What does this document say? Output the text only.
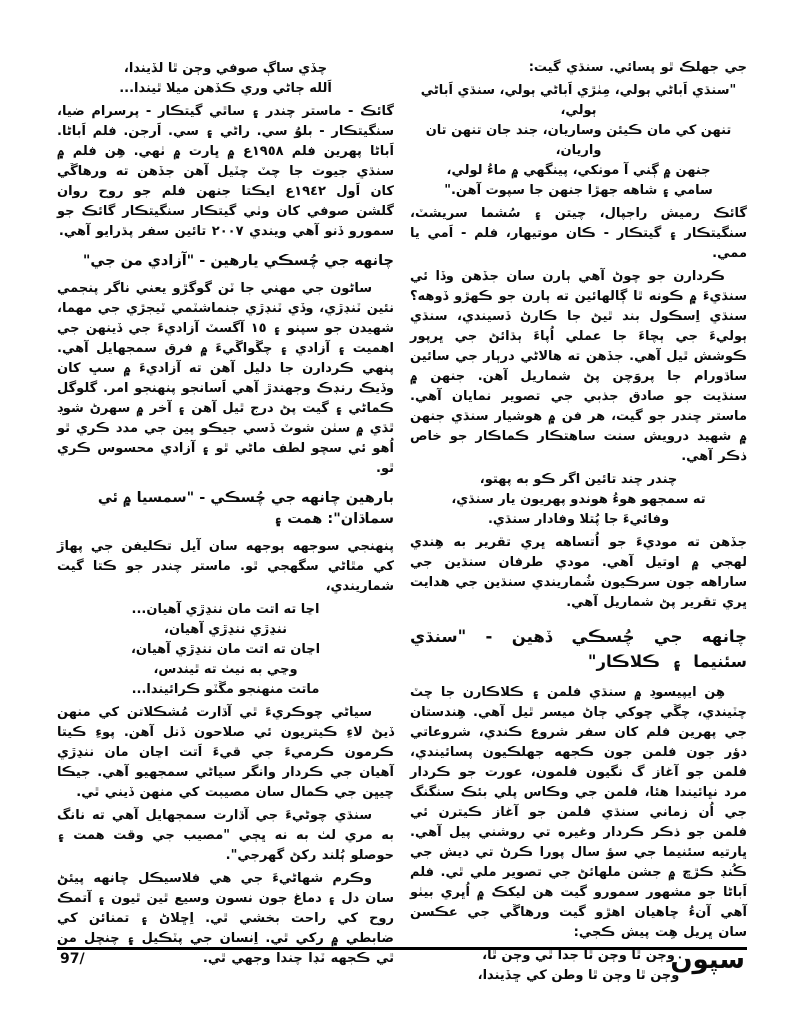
جي جهلڪ ٿو پسائي. سنڌي گيت:
"سنڌي اَباڻي ٻولي، مِٺڙي اَباڻي ٻولي، سنڌي اَباڻي ٻولي،
تنهن کي مان ڪيئن وساريان، جند جان تنهن تان واريان،
جنهن ۾ ڳني آ مونکي، پينگهي ۾ ماءُ لولي،
سامي ۽ شاهه جهڙا جنهن جا سپوت آهن."
گائڪ رميش راجپال، چيتن ۽ سُشما سريشٽ، سنگيتڪار ۽ گيتڪار - ڪان موتيهار، فلم - اَمي يا ممي.
ڪردارن جو چوڻ آهي ٻارن سان جڏهن وڏا ئي سنڌيءَ ۾ ڪونه ٿا ڳالهائين ته ٻارن جو ڪهڙو ڏوهه؟ سنڌي اِسڪول بند ٿيڻ جا ڪارڻ ڏسيندي، سنڌي ٻوليءَ جي ٻچاءَ جا عملي اُپاءَ ٻڌائڻ جي ڀرپور ڪوشش ٿيل آهي. جڏهن ته هالاڻي درٻار جي سائين ساڌورام جا پروَچن پڻ شماريل آهن. جنهن ۾ سنڌيت جو صادق جذبي جي تصوير نمايان آهي. ماستر چندر جو گيت، هر فن ۾ هوشيار سنڌي جنهن ۾ شهيد درويش سنت ساهتڪار ڪماڪار جو خاص ذڪر آهي.
چندر چند تائين اگر ڪو به پهتو،
ته سمجهو هوءُ هوندو پهريون يار سنڌي،
وفائيءَ جا پُتلا وفادار سنڌي.
جڏهن ته موديءَ جو اُتساهه ڀري تقرير به هِندي لهجي ۾ اوتيل آهي. مودي طرفان سنڌين جي ساراهه جون سرڪيون شُماريندي سنڌين جي هدايت ڀري تقرير پڻ شماريل آهي.
چانهه جي چُسڪي ڏهين - "سنڌي سئنيما ۽ ڪلاڪار"
هِن ايپيسوڊ ۾ سنڌي فلمن ۽ ڪلاڪارن جا چٽ چٽيندي، چڱي چوکي ڄاڻ ميسر ٿيل آهي. هِندستان جي پهرين فلم کان سفر شروع ڪندي، شروعاتي دؤر جون فلمن جون ڪجهه جهلڪيون پسائيندي، فلمن جو آغاز گ نگيون فلمون، عورت جو ڪردار مرد نڀائيندا هئا، فلمن جي وڪاس پلي بئڪ سنگنگ جي اُن زماني سنڌي فلمن جو آغاز ڪيترن ئي فلمن جو ذڪر ڪردار وغيره تي روشني پيل آهي. ڀارتيه سئنيما جي سؤ سال پورا ڪرڻ تي ديش جي ڪُنڊ ڪڙڇ ۾ جشن ملهائڻ جي تصوير ملي ٿي. فلم اَباڻا جو مشهور سمورو گيت هن ليکڪ ۾ اُڀري بيٺو آهي آنءُ چاهيان اهڙو گيت ورهاڱي جي عڪسن سان ڀريل هِت پيش ڪجي:
وڄن ٿا وڄن ٿا جدا ٿي وڄن ٿا،
وڄن ٿا وڄن ٿا وطن کي ڇڏيندا،
چڏي ساڳ صوفي وڄن ٿا لڏيندا،
اَلله ڄاڻي وري ڪڏهن ميلا ٿيندا...
گائڪ - ماستر چندر ۽ ساٿي گيتڪار - پرسرام ضيا، سنگيتڪار - بلوُ سي. راڻي ۽ سي. اَرجن. فلم اَباڻا. اَباڻا پهرين فلم ١٩٥٨ع ۾ ڀارت ۾ ٺهي. هِن فلم ۾ سنڌي جيوت جا چٽ چٽيل آهن جڏهن ته ورهاڱي کان اَول ١٩٤٢ع ايڪتا جنهن فلم جو روح روان گلشن صوفي کان وٺي گيتڪار سنگيتڪار گائڪ جو سمورو ڏنو آهي ويندي ٢٠٠٧ تائين سفر پڌرايو آهي.
چانهه جي چُسڪي يارهين - "آزادي من جي"
ساڻون جي مهني جا ٽن گوگڙو يعني ناگر پنجمي نئين ٽنڊڙي، وڏي ٽنڊڙي جنماشٽمي ٽيجڙي جي مهما، شهيدن جو سپنو ۽ ١٥ آگسٽ آزاديءَ جي ڏينهن جي اهميت ۽ آزادي ۽ چڱواڱيءَ ۾ فرق سمجهايل آهي. پنهي ڪردارن جا دليل آهن ته آزاديءَ ۾ سڀ کان وڏيڪ رنڊڪ وجهندڙ آهي اَسانجو پنهنجو امر. گلوگل ڪماڻي ۽ گيت پڻ درج ٿيل آهن ۽ آخر ۾ سهرڻ شوڊ ٿڌي ۾ سٺن شوٽ ڏسي جيڪو پين جي مدد ڪري ٿو اُهو ئي سچو لطف ماڻي ٿو ۽ آزادي محسوس ڪري ٿو.
بارهين چانهه جي چُسڪي - "سمسيا ۾ ئي سماڌان": همت ۽
پنهنجي سوجهه ٻوجهه سان آيل تڪليفن جي پهاڙ کي مٿاڻي سگهجي ٿو. ماستر چندر جو ڪتا گيت شماريندي،
اڃا ته اتت مان ننڍڙي آهيان...
ننڍڙي ننڍڙي آهيان،
اڃان ته اتت مان ننڍڙي آهيان،
وڃي به نيٺ ته ٿيندس،
ماتت منهنجو مڱٽو ڪرائيندا...
سياڻي چوڪريءَ ٿي آڌارت مُشڪلاتن کي منهن ڏيڻ لاءِ ڪيتريون ئي صلاحون ڏنل آهن. پوءِ ڪيتا ڪرمون ڪرميءَ جي قيءَ اَتت اڃان مان ننڍڙي آهيان جي ڪردار وانگر سياڻي سمجهيو آهي. جيڪا چيڀن جي ڪمال سان مصيبت کي منهن ڏيني ٿي.
سنڌي چوڻيءَ جي آڌارت سمجهايل آهي ته نانگ به مري لٺ به نه ڀڄي "مصيب جي وقت همت ۽ حوصلو ٻُلند رکڻ گهرجي".
وڪرم شهاڻيءَ جي هي فلاسيڪل چانهه پيئڻ سان دل ۽ دماغ جون نسون وسيع ٿين ٿيون ۽ آتمڪ روح کي راحت بخشي ٿي. اِڇلاڻ ۽ تمنائن کي ضابطي ۾ رکي ٿي. اِنسان جي پٽڪيل ۽ چنچل من ٿي ڪجهه ٽڊا چندا وجهي ٿي.
97/	سپون
